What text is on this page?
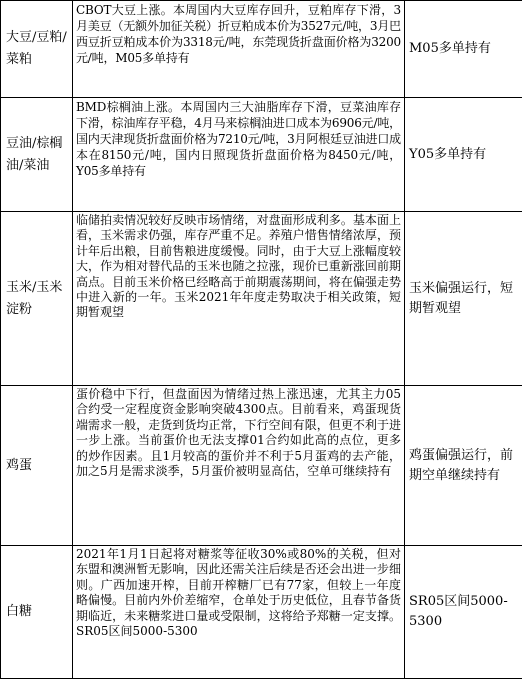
大豆/豆粕/菜粕	CBOT大豆上涨。本周国内大豆库存回升，豆粕库存下滑，3月美豆（无额外加征关税）折豆粕成本价为3527元/吨，3月巴西豆折豆粕成本价为3318元/吨，东莞现货折盘面价格为3200元/吨，M05多单持有	M05多单持有
豆油/棕榈油/菜油	BMD棕榈油上涨。本周国内三大油脂库存下滑，豆菜油库存下滑，棕油库存平稳，4月马来棕榈油进口成本为6906元/吨，国内天津现货折盘面价格为7210元/吨，3月阿根廷豆油进口成本在8150元/吨，国内日照现货折盘面价格为8450元/吨，Y05多单持有	Y05多单持有
玉米/玉米淀粉	临储拍卖情况较好反映市场情绪，对盘面形成利多。基本面上看，玉米需求仍强，库存严重不足。养殖户惜售情绪浓厚，预计年后出粮，目前售粮进度缓慢。同时，由于大豆上涨幅度较大，作为相对替代品的玉米也随之拉涨，现价已重新涨回前期高点。目前玉米价格已经略高于前期震荡期间，将在偏强走势中进入新的一年。玉米2021年年度走势取决于相关政策，短期暂观望	玉米偏强运行，短期暂观望
鸡蛋	蛋价稳中下行，但盘面因为情绪过热上涨迅速，尤其主力05合约受一定程度资金影响突破4300点。目前看来，鸡蛋现货端需求一般，走货到货均正常，下行空间有限，但更不利于进一步上涨。当前蛋价也无法支撑01合约如此高的点位，更多的炒作因素。且1月较高的蛋价并不利于5月蛋鸡的去产能，加之5月是需求淡季，5月蛋价被明显高估，空单可继续持有	鸡蛋偏强运行，前期空单继续持有
白糖	2021年1月1日起将对糖浆等征收30%或80%的关税，但对东盟和澳洲暂无影响，因此还需关注后续是否还会出进一步细则。广西加速开榨，目前开榨糖厂已有77家，但较上一年度略偏慢。目前内外价差缩窄，仓单处于历史低位，且春节备货期临近，未来糖浆进口量或受限制，这将给予郑糖一定支撑。SR05区间5000-5300	SR05区间5000-5300
